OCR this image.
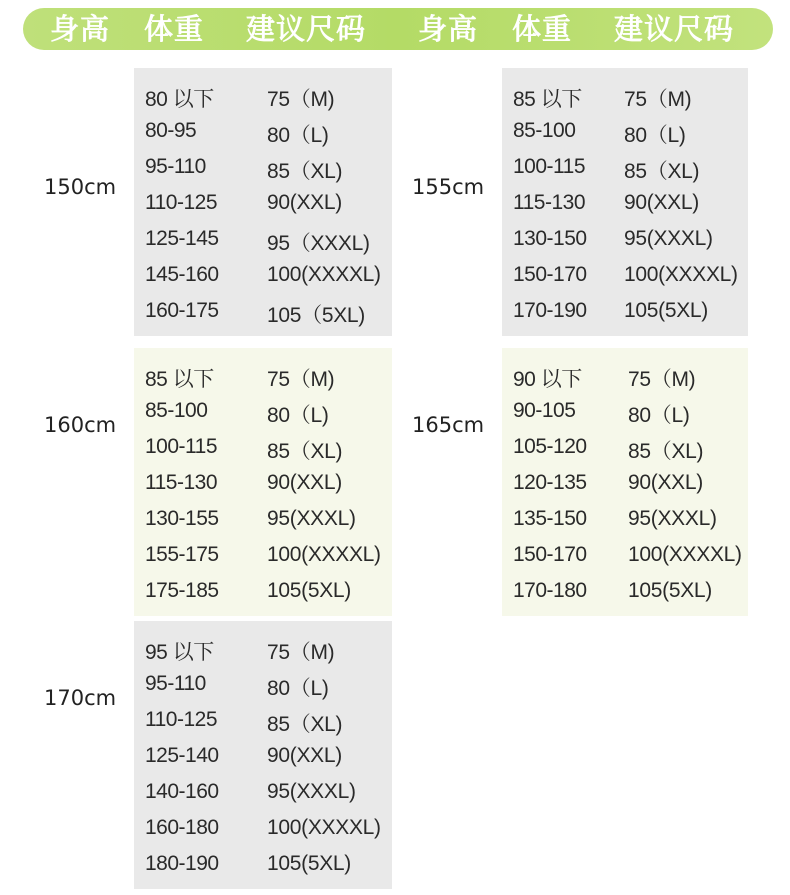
身高 体重 建议尺码 身高 体重 建议尺码
150cm
80 以下	75（M)
80-95	80（L)
95-110	85（XL)
110-125 90(XXL)
125-145 95（XXXL)
145-160 100(XXXXL)
160-175 105（5XL)
155cm
85 以下 75（M)
85-100 80（L)
100-115 85（XL)
115-130 90(XXL)
130-150 95(XXXL)
150-170 100(XXXXL)
170-190 105(5XL)
160cm
85 以下	75（M)
85-100	80（L)
100-115 85（XL)
115-130 90(XXL)
130-155 95(XXXL)
155-175 100(XXXXL)
175-185 105(5XL)
165cm
90 以下 75（M)
90-105	80（L)
105-120 85（XL)
120-135 90(XXL)
135-150 95(XXXL)
150-170 100(XXXXL)
170-180 105(5XL)
170cm
95 以下	75（M)
95-110	80（L)
110-125 85（XL)
125-140 90(XXL)
140-160 95(XXXL)
160-180 100(XXXXL)
180-190 105(5XL)
